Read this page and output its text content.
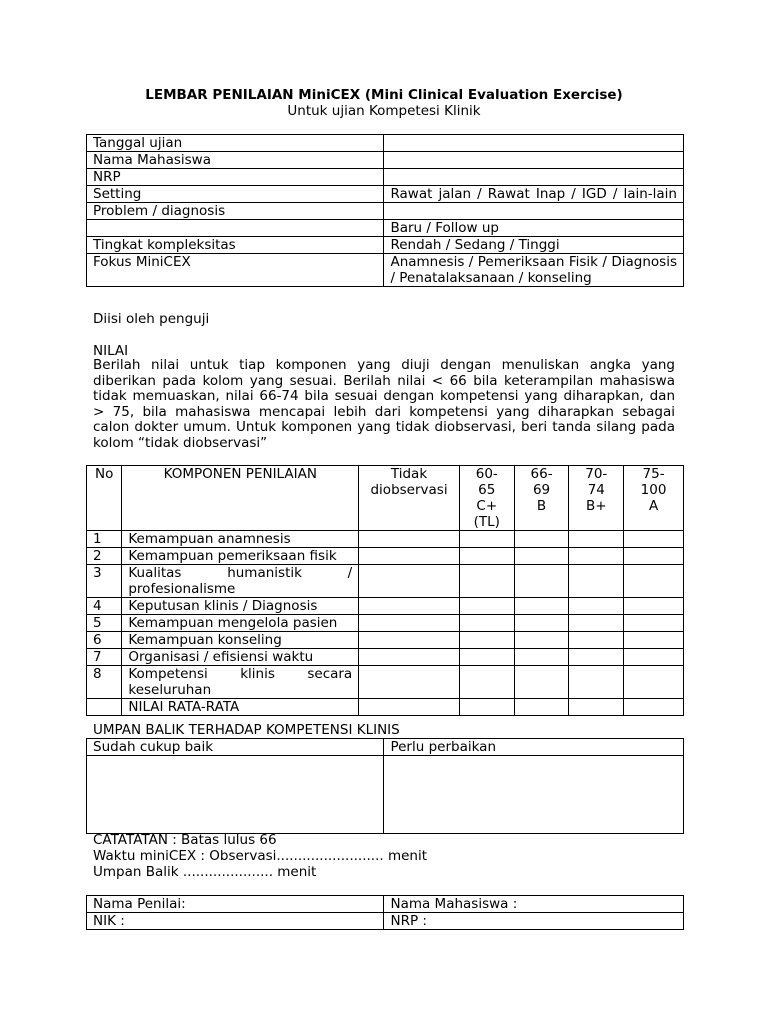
LEMBAR PENILAIAN MiniCEX (Mini Clinical Evaluation Exercise)
Untuk ujian Kompetesi Klinik
Tanggal ujian	
Nama Mahasiswa	
NRP	
Setting	Rawat jalan / Rawat Inap / IGD / lain-lain
Problem / diagnosis	
	Baru / Follow up
Tingkat kompleksitas	Rendah / Sedang / Tinggi
Fokus MiniCEX	Anamnesis / Pemeriksaan Fisik / Diagnosis / Penatalaksanaan / konseling
Diisi oleh penguji
NILAI

Berilah nilai untuk tiap komponen yang diuji dengan menuliskan angka yang diberikan pada kolom yang sesuai. Berilah nilai < 66 bila keterampilan mahasiswa tidak memuaskan, nilai 66-74 bila sesuai dengan kompetensi yang diharapkan, dan > 75, bila mahasiswa mencapai lebih dari kompetensi yang diharapkan sebagai calon dokter umum. Untuk komponen yang tidak diobservasi, beri tanda silang pada kolom “tidak diobservasi”

No	KOMPONEN PENILAIAN	Tidak diobservasi	60-65 C+ (TL)	66-69 B	70-74 B+	75-100 A
1	Kemampuan anamnesis					
2	Kemampuan pemeriksaan fisik					
3	Kualitas humanistik / profesionalisme					
4	Keputusan klinis / Diagnosis					
5	Kemampuan mengelola pasien					
6	Kemampuan konseling					
7	Organisasi / efisiensi waktu					
8	Kompetensi klinis secara keseluruhan					
	NILAI RATA-RATA					
UMPAN BALIK TERHADAP KOMPETENSI KLINIS
Sudah cukup baik	Perlu perbaikan

CATATATAN : Batas lulus 66
Waktu miniCEX : Observasi......................... menit
Umpan Balik ..................... menit
Nama Penilai:	Nama Mahasiswa :
NIK :	NRP :
